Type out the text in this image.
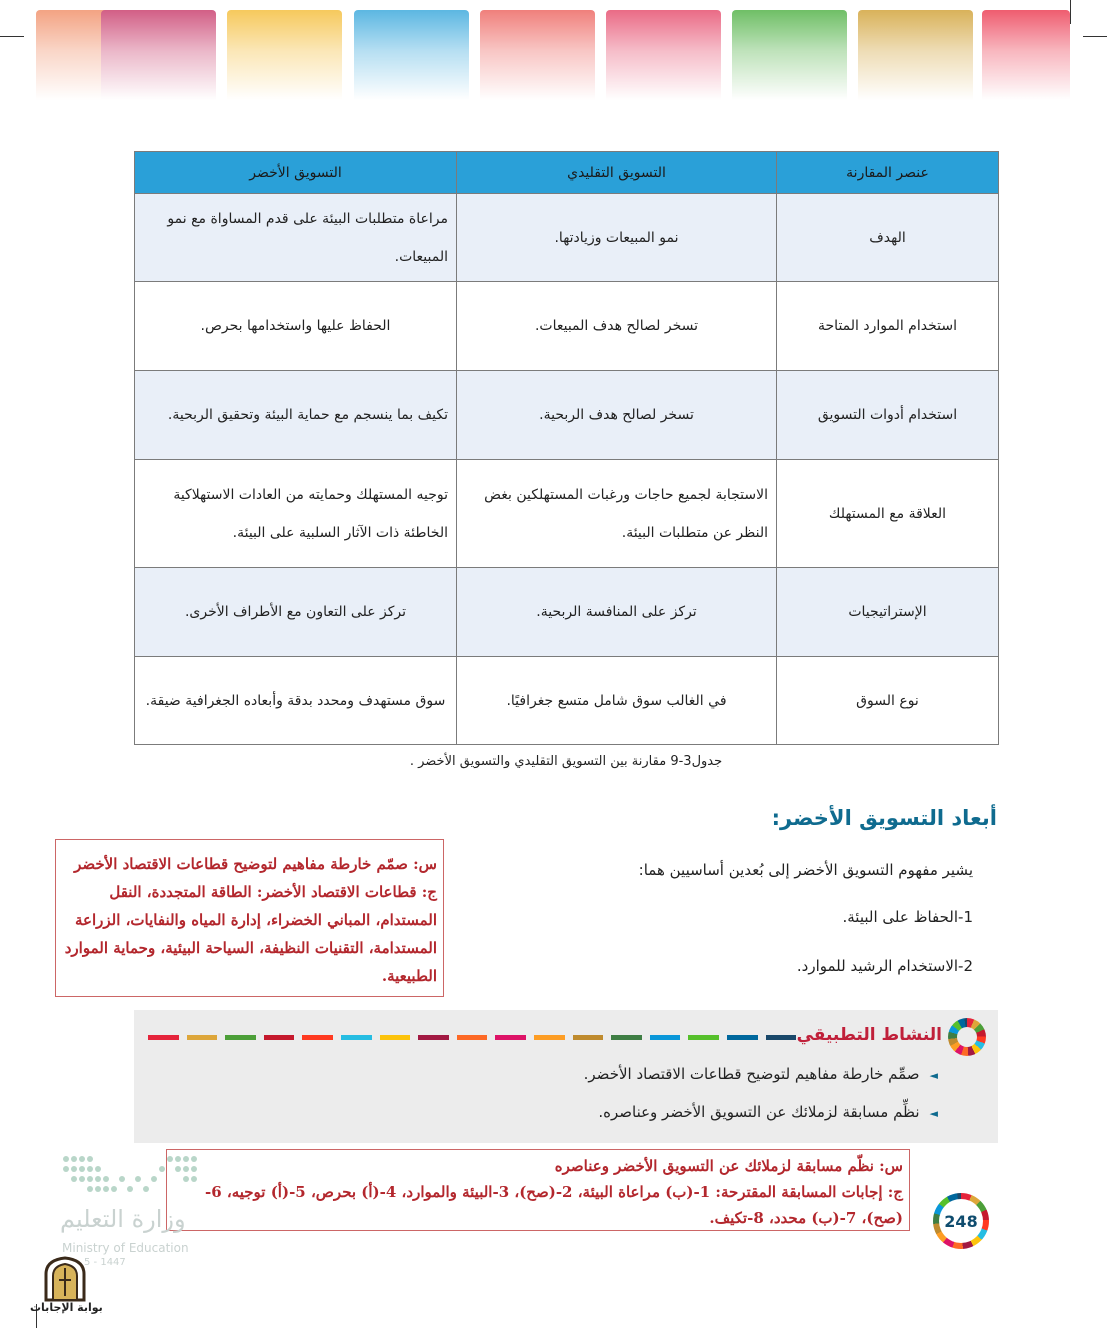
عنصر المقارنة	التسويق التقليدي	التسويق الأخضر
الهدف	نمو المبيعات وزيادتها.	مراعاة متطلبات البيئة على قدم المساواة مع نمو المبيعات.
استخدام الموارد المتاحة	تسخر لصالح هدف المبيعات.	الحفاظ عليها واستخدامها بحرص.
استخدام أدوات التسويق	تسخر لصالح هدف الربحية.	تكيف بما ينسجم مع حماية البيئة وتحقيق الربحية.
العلاقة مع المستهلك	الاستجابة لجميع حاجات ورغبات المستهلكين بغض النظر عن متطلبات البيئة.	توجيه المستهلك وحمايته من العادات الاستهلاكية الخاطئة ذات الآثار السلبية على البيئة.
الإستراتيجيات	تركز على المنافسة الربحية.	تركز على التعاون مع الأطراف الأخرى.
نوع السوق	في الغالب سوق شامل متسع جغرافيًا.	سوق مستهدف ومحدد بدقة وأبعاده الجغرافية ضيقة.
جدول3-9 مقارنة بين التسويق التقليدي والتسويق الأخضر .
أبعاد التسويق الأخضر:
يشير مفهوم التسويق الأخضر إلى بُعدين أساسيين هما:
1-الحفاظ على البيئة.
2-الاستخدام الرشيد للموارد.
س: صمّم خارطة مفاهيم لتوضيح قطاعات الاقتصاد الأخضر
ج: قطاعات الاقتصاد الأخضر: الطاقة المتجددة، النقل المستدام، المباني الخضراء، إدارة المياه والنفايات، الزراعة المستدامة، التقنيات النظيفة، السياحة البيئية، وحماية الموارد الطبيعية.
النشاط التطبيقي
◄صمِّم خارطة مفاهيم لتوضيح قطاعات الاقتصاد الأخضر.
◄نظِّم مسابقة لزملائك عن التسويق الأخضر وعناصره.
س: نظّم مسابقة لزملائك عن التسويق الأخضر وعناصره
ج: إجابات المسابقة المقترحة: 1-(ب) مراعاة البيئة، 2-(صح)، 3-البيئة والموارد، 4-(أ) بحرص، 5-(أ) توجيه، 6-(صح)، 7-(ب) محدد، 8-تكيف.	248
وزارة التعليم
Ministry of Education
5 - 1447
بوابة الإجابات
